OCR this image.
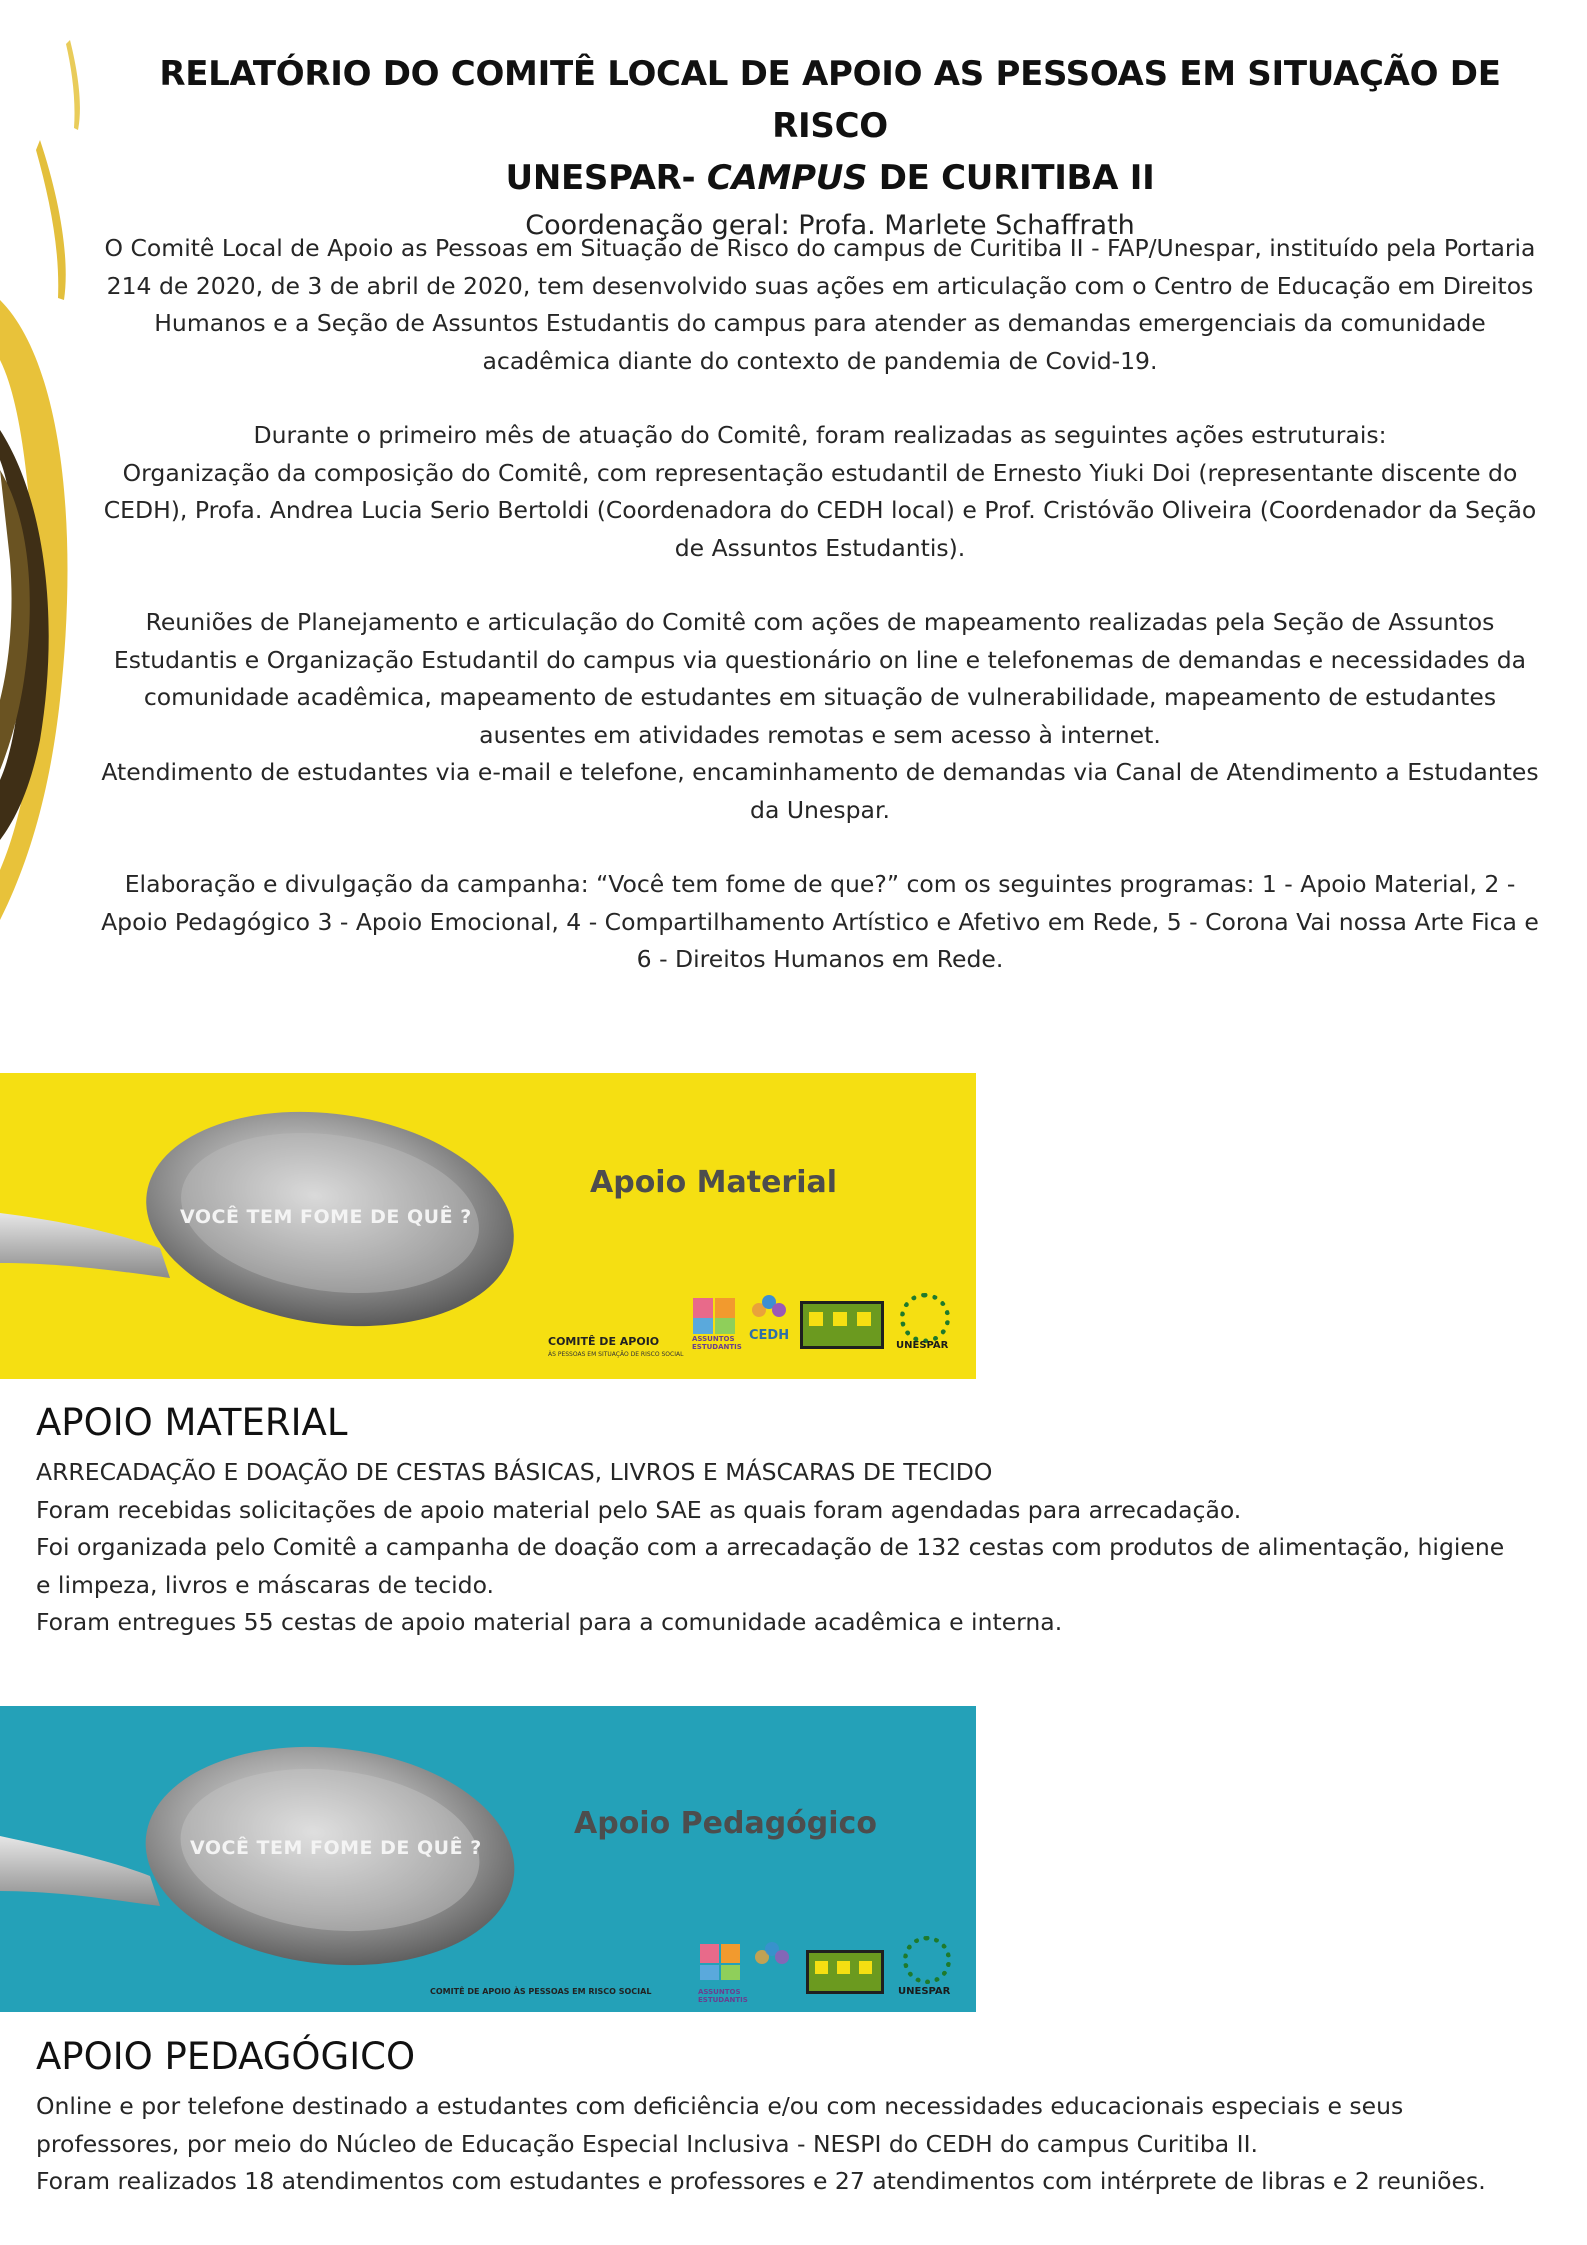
RELATÓRIO DO COMITÊ LOCAL DE APOIO AS PESSOAS EM SITUAÇÃO DE RISCO
UNESPAR- CAMPUS DE CURITIBA II
Coordenação geral: Profa. Marlete Schaffrath

O Comitê Local de Apoio as Pessoas em Situação de Risco do campus de Curitiba II - FAP/Unespar, instituído pela Portaria 214 de 2020, de 3 de abril de 2020, tem desenvolvido suas ações em articulação com o Centro de Educação em Direitos Humanos e a Seção de Assuntos Estudantis do campus para atender as demandas emergenciais da comunidade acadêmica diante do contexto de pandemia de Covid-19.

Durante o primeiro mês de atuação do Comitê, foram realizadas as seguintes ações estruturais:

Organização da composição do Comitê, com representação estudantil de Ernesto Yiuki Doi (representante discente do CEDH), Profa. Andrea Lucia Serio Bertoldi (Coordenadora do CEDH local) e Prof. Cristóvão Oliveira (Coordenador da Seção de Assuntos Estudantis).

Reuniões de Planejamento e articulação do Comitê com ações de mapeamento realizadas pela Seção de Assuntos Estudantis e Organização Estudantil do campus via questionário on line e telefonemas de demandas e necessidades da comunidade acadêmica, mapeamento de estudantes em situação de vulnerabilidade, mapeamento de estudantes ausentes em atividades remotas e sem acesso à internet.

Atendimento de estudantes via e-mail e telefone, encaminhamento de demandas via Canal de Atendimento a Estudantes da Unespar.

Elaboração e divulgação da campanha: “Você tem fome de que?” com os seguintes programas: 1 - Apoio Material, 2 - Apoio Pedagógico 3 - Apoio Emocional, 4 - Compartilhamento Artístico e Afetivo em Rede, 5 - Corona Vai nossa Arte Fica e 6 - Direitos Humanos em Rede.

VOCÊ TEM FOME DE QUÊ ?
Apoio Material
COMITÊ DE APOIO
ÀS PESSOAS EM SITUAÇÃO DE RISCO SOCIAL
ASSUNTOS ESTUDANTIS
CEDH
UNESPAR
APOIO MATERIAL

ARRECADAÇÃO E DOAÇÃO DE CESTAS BÁSICAS, LIVROS E MÁSCARAS DE TECIDO

Foram recebidas solicitações de apoio material pelo SAE as quais foram agendadas para arrecadação.

Foi organizada pelo Comitê a campanha de doação com a arrecadação de 132 cestas com produtos de alimentação, higiene e limpeza, livros e máscaras de tecido.

Foram entregues 55 cestas de apoio material para a comunidade acadêmica e interna.

VOCÊ TEM FOME DE QUÊ ?
Apoio Pedagógico
COMITÊ DE APOIO ÀS PESSOAS EM RISCO SOCIAL	ASSUNTOS ESTUDANTIS
UNESPAR
APOIO PEDAGÓGICO

Online e por telefone destinado a estudantes com deficiência e/ou com necessidades educacionais especiais e seus professores, por meio do Núcleo de Educação Especial Inclusiva - NESPI do CEDH do campus Curitiba II.

Foram realizados 18 atendimentos com estudantes e professores e 27 atendimentos com intérprete de libras e 2 reuniões.
